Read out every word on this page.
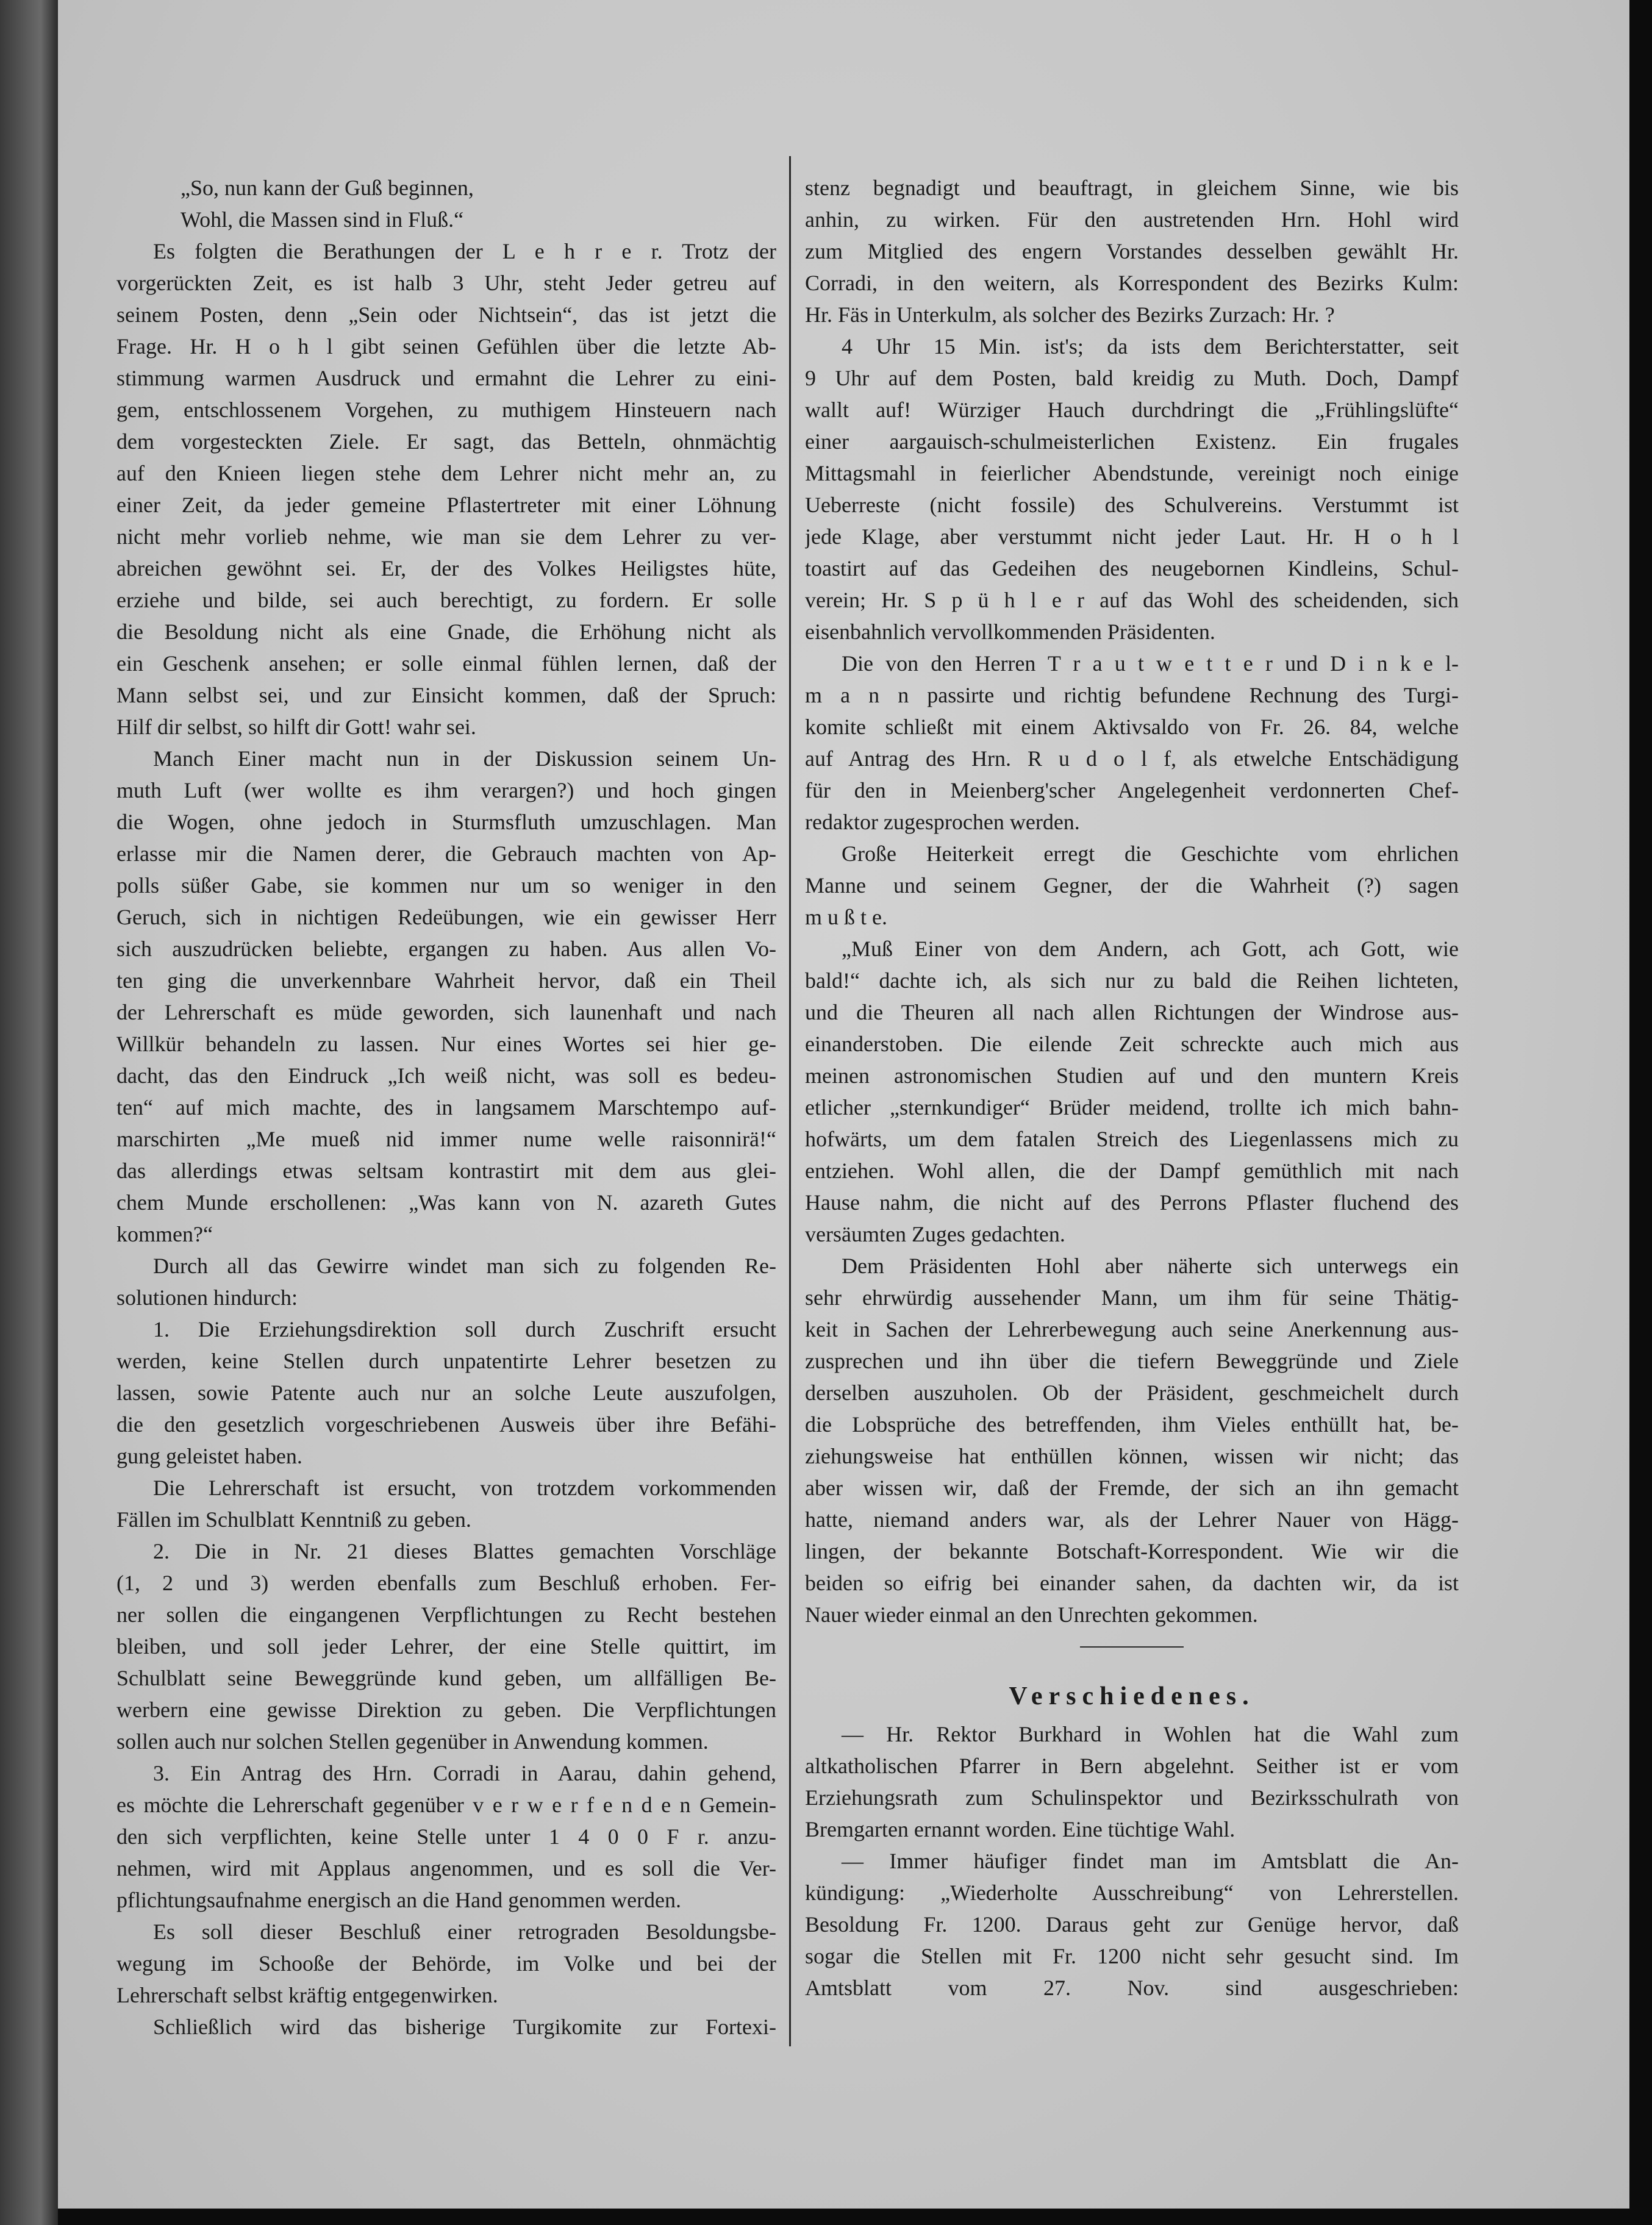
„So, nun kann der Guß beginnen,
Wohl, die Massen sind in Fluß.“
Es folgten die Berathungen der L e h r e r. Trotz der
vorgerückten Zeit, es ist halb 3 Uhr, steht Jeder getreu auf
seinem Posten, denn „Sein oder Nichtsein“, das ist jetzt die
Frage. Hr. H o h l gibt seinen Gefühlen über die letzte Ab-
stimmung warmen Ausdruck und ermahnt die Lehrer zu eini-
gem, entschlossenem Vorgehen, zu muthigem Hinsteuern nach
dem vorgesteckten Ziele. Er sagt, das Betteln, ohnmächtig
auf den Knieen liegen stehe dem Lehrer nicht mehr an, zu
einer Zeit, da jeder gemeine Pflastertreter mit einer Löhnung
nicht mehr vorlieb nehme, wie man sie dem Lehrer zu ver-
abreichen gewöhnt sei. Er, der des Volkes Heiligstes hüte,
erziehe und bilde, sei auch berechtigt, zu fordern. Er solle
die Besoldung nicht als eine Gnade, die Erhöhung nicht als
ein Geschenk ansehen; er solle einmal fühlen lernen, daß der
Mann selbst sei, und zur Einsicht kommen, daß der Spruch:
Hilf dir selbst, so hilft dir Gott! wahr sei.
Manch Einer macht nun in der Diskussion seinem Un-
muth Luft (wer wollte es ihm verargen?) und hoch gingen
die Wogen, ohne jedoch in Sturmsfluth umzuschlagen. Man
erlasse mir die Namen derer, die Gebrauch machten von Ap-
polls süßer Gabe, sie kommen nur um so weniger in den
Geruch, sich in nichtigen Redeübungen, wie ein gewisser Herr
sich auszudrücken beliebte, ergangen zu haben. Aus allen Vo-
ten ging die unverkennbare Wahrheit hervor, daß ein Theil
der Lehrerschaft es müde geworden, sich launenhaft und nach
Willkür behandeln zu lassen. Nur eines Wortes sei hier ge-
dacht, das den Eindruck „Ich weiß nicht, was soll es bedeu-
ten“ auf mich machte, des in langsamem Marschtempo auf-
marschirten „Me mueß nid immer nume welle raisonnirä!“
das allerdings etwas seltsam kontrastirt mit dem aus glei-
chem Munde erschollenen: „Was kann von N. azareth Gutes
kommen?“
Durch all das Gewirre windet man sich zu folgenden Re-
solutionen hindurch:
1. Die Erziehungsdirektion soll durch Zuschrift ersucht
werden, keine Stellen durch unpatentirte Lehrer besetzen zu
lassen, sowie Patente auch nur an solche Leute auszufolgen,
die den gesetzlich vorgeschriebenen Ausweis über ihre Befähi-
gung geleistet haben.
Die Lehrerschaft ist ersucht, von trotzdem vorkommenden
Fällen im Schulblatt Kenntniß zu geben.
2. Die in Nr. 21 dieses Blattes gemachten Vorschläge
(1, 2 und 3) werden ebenfalls zum Beschluß erhoben. Fer-
ner sollen die eingangenen Verpflichtungen zu Recht bestehen
bleiben, und soll jeder Lehrer, der eine Stelle quittirt, im
Schulblatt seine Beweggründe kund geben, um allfälligen Be-
werbern eine gewisse Direktion zu geben. Die Verpflichtungen
sollen auch nur solchen Stellen gegenüber in Anwendung kommen.
3. Ein Antrag des Hrn. Corradi in Aarau, dahin gehend,
es möchte die Lehrerschaft gegenüber v e r w e r f e n d e n Gemein-
den sich verpflichten, keine Stelle unter 1 4 0 0 F r. anzu-
nehmen, wird mit Applaus angenommen, und es soll die Ver-
pflichtungsaufnahme energisch an die Hand genommen werden.
Es soll dieser Beschluß einer retrograden Besoldungsbe-
wegung im Schooße der Behörde, im Volke und bei der
Lehrerschaft selbst kräftig entgegenwirken.
Schließlich wird das bisherige Turgikomite zur Fortexi-
stenz begnadigt und beauftragt, in gleichem Sinne, wie bis
anhin, zu wirken. Für den austretenden Hrn. Hohl wird
zum Mitglied des engern Vorstandes desselben gewählt Hr.
Corradi, in den weitern, als Korrespondent des Bezirks Kulm:
Hr. Fäs in Unterkulm, als solcher des Bezirks Zurzach: Hr. ?
4 Uhr 15 Min. ist's; da ists dem Berichterstatter, seit
9 Uhr auf dem Posten, bald kreidig zu Muth. Doch, Dampf
wallt auf! Würziger Hauch durchdringt die „Frühlingslüfte“
einer aargauisch-schulmeisterlichen Existenz. Ein frugales
Mittagsmahl in feierlicher Abendstunde, vereinigt noch einige
Ueberreste (nicht fossile) des Schulvereins. Verstummt ist
jede Klage, aber verstummt nicht jeder Laut. Hr. H o h l
toastirt auf das Gedeihen des neugebornen Kindleins, Schul-
verein; Hr. S p ü h l e r auf das Wohl des scheidenden, sich
eisenbahnlich vervollkommenden Präsidenten.
Die von den Herren T r a u t w e t t e r und D i n k e l-
m a n n passirte und richtig befundene Rechnung des Turgi-
komite schließt mit einem Aktivsaldo von Fr. 26. 84, welche
auf Antrag des Hrn. R u d o l f, als etwelche Entschädigung
für den in Meienberg'scher Angelegenheit verdonnerten Chef-
redaktor zugesprochen werden.
Große Heiterkeit erregt die Geschichte vom ehrlichen
Manne und seinem Gegner, der die Wahrheit (?) sagen
m u ß t e.
„Muß Einer von dem Andern, ach Gott, ach Gott, wie
bald!“ dachte ich, als sich nur zu bald die Reihen lichteten,
und die Theuren all nach allen Richtungen der Windrose aus-
einanderstoben. Die eilende Zeit schreckte auch mich aus
meinen astronomischen Studien auf und den muntern Kreis
etlicher „sternkundiger“ Brüder meidend, trollte ich mich bahn-
hofwärts, um dem fatalen Streich des Liegenlassens mich zu
entziehen. Wohl allen, die der Dampf gemüthlich mit nach
Hause nahm, die nicht auf des Perrons Pflaster fluchend des
versäumten Zuges gedachten.
Dem Präsidenten Hohl aber näherte sich unterwegs ein
sehr ehrwürdig aussehender Mann, um ihm für seine Thätig-
keit in Sachen der Lehrerbewegung auch seine Anerkennung aus-
zusprechen und ihn über die tiefern Beweggründe und Ziele
derselben auszuholen. Ob der Präsident, geschmeichelt durch
die Lobsprüche des betreffenden, ihm Vieles enthüllt hat, be-
ziehungsweise hat enthüllen können, wissen wir nicht; das
aber wissen wir, daß der Fremde, der sich an ihn gemacht
hatte, niemand anders war, als der Lehrer Nauer von Hägg-
lingen, der bekannte Botschaft-Korrespondent. Wie wir die
beiden so eifrig bei einander sahen, da dachten wir, da ist
Nauer wieder einmal an den Unrechten gekommen.
Verschiedenes.
— Hr. Rektor Burkhard in Wohlen hat die Wahl zum
altkatholischen Pfarrer in Bern abgelehnt. Seither ist er vom
Erziehungsrath zum Schulinspektor und Bezirksschulrath von
Bremgarten ernannt worden. Eine tüchtige Wahl.
— Immer häufiger findet man im Amtsblatt die An-
kündigung: „Wiederholte Ausschreibung“ von Lehrerstellen.
Besoldung Fr. 1200. Daraus geht zur Genüge hervor, daß
sogar die Stellen mit Fr. 1200 nicht sehr gesucht sind. Im
Amtsblatt vom 27. Nov. sind ausgeschrieben:
